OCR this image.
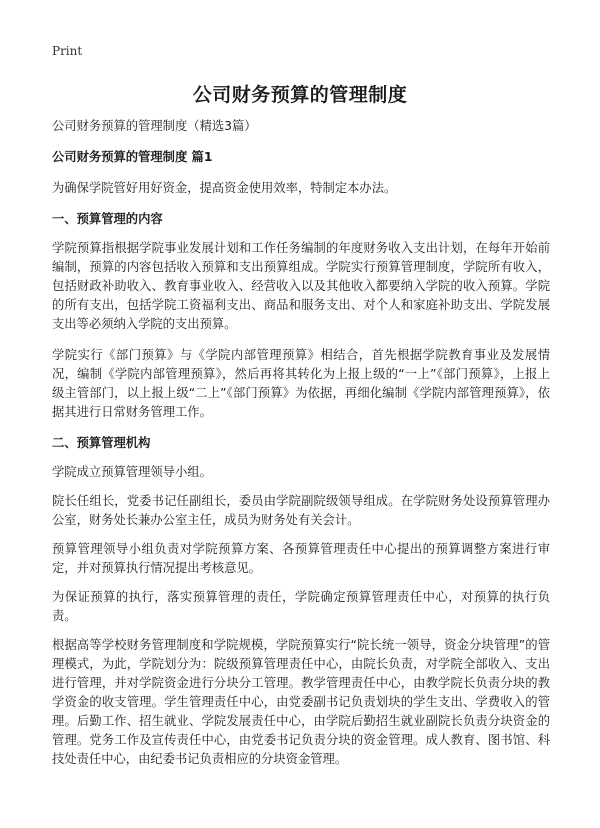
Print
公司财务预算的管理制度

公司财务预算的管理制度（精选3篇）

公司财务预算的管理制度 篇1

为确保学院管好用好资金，提高资金使用效率，特制定本办法。

一、预算管理的内容

学院预算指根据学院事业发展计划和工作任务编制的年度财务收入支出计划，在每年开始前编制，预算的内容包括收入预算和支出预算组成。学院实行预算管理制度，学院所有收入，包括财政补助收入、教育事业收入、经营收入以及其他收入都要纳入学院的收入预算。学院的所有支出，包括学院工资福利支出、商品和服务支出、对个人和家庭补助支出、学院发展支出等必须纳入学院的支出预算。

学院实行《部门预算》与《学院内部管理预算》相结合，首先根据学院教育事业及发展情况，编制《学院内部管理预算》，然后再将其转化为上报上级的“一上”《部门预算》，上报上级主管部门，以上报上级“二上”《部门预算》为依据，再细化编制《学院内部管理预算》，依据其进行日常财务管理工作。

二、预算管理机构

学院成立预算管理领导小组。

院长任组长，党委书记任副组长，委员由学院副院级领导组成。在学院财务处设预算管理办公室，财务处长兼办公室主任，成员为财务处有关会计。

预算管理领导小组负责对学院预算方案、各预算管理责任中心提出的预算调整方案进行审定，并对预算执行情况提出考核意见。

为保证预算的执行，落实预算管理的责任，学院确定预算管理责任中心，对预算的执行负责。

根据高等学校财务管理制度和学院规模，学院预算实行“院长统一领导，资金分块管理”的管理模式，为此，学院划分为：院级预算管理责任中心，由院长负责，对学院全部收入、支出进行管理，并对学院资金进行分块分工管理。教学管理责任中心，由教学院长负责分块的教学资金的收支管理。学生管理责任中心，由党委副书记负责划块的学生支出、学费收入的管理。后勤工作、招生就业、学院发展责任中心，由学院后勤招生就业副院长负责分块资金的管理。党务工作及宣传责任中心，由党委书记负责分块的资金管理。成人教育、图书馆、科技处责任中心，由纪委书记负责相应的分块资金管理。
